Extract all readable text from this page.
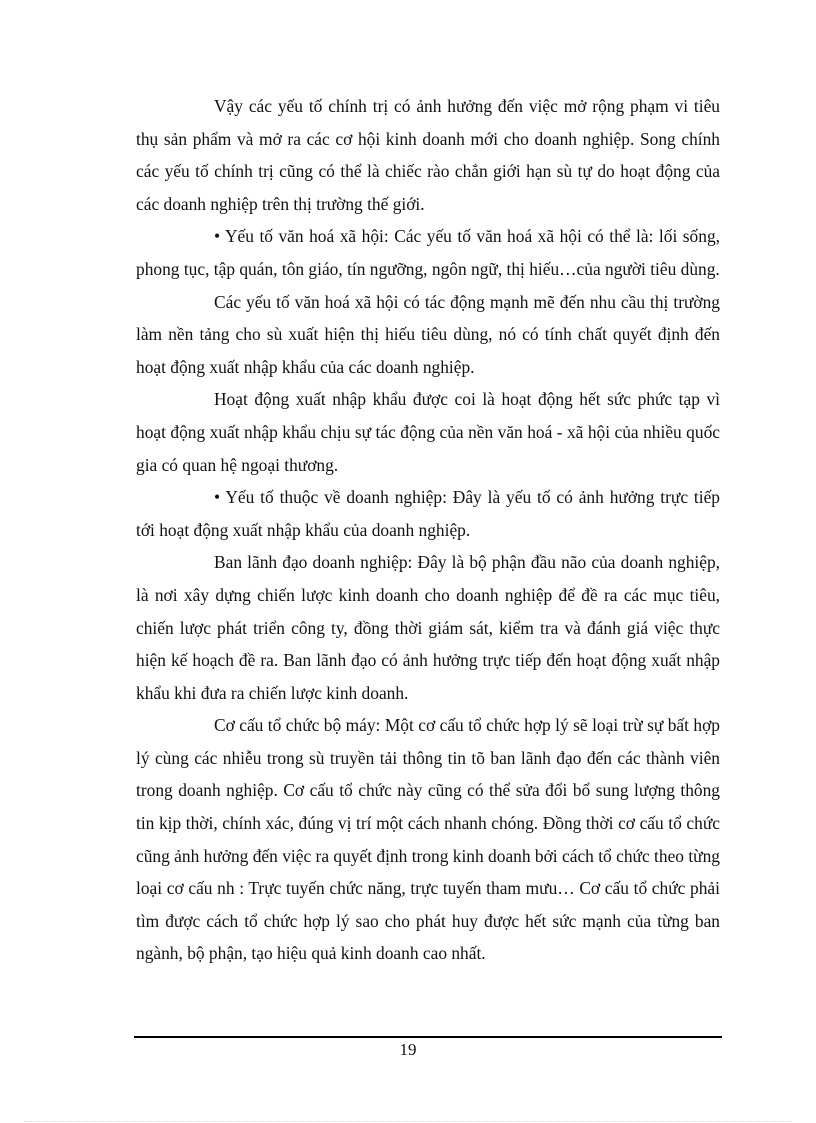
Vậy các yếu tố chính trị có ảnh hưởng đến việc mở rộng phạm vi tiêu thụ sản phẩm và mở ra các cơ hội kinh doanh mới cho doanh nghiệp. Song chính các yếu tố chính trị cũng có thể là chiếc rào chắn giới hạn sù tự do hoạt động của các doanh nghiệp trên thị trường thế giới.

• Yếu tố văn hoá xã hội: Các yếu tố văn hoá xã hội có thể là: lối sống, phong tục, tập quán, tôn giáo, tín ngưỡng, ngôn ngữ, thị hiếu…của người tiêu dùng.

Các yếu tố văn hoá xã hội có tác động mạnh mẽ đến nhu cầu thị trường làm nền tảng cho sù xuất hiện thị hiếu tiêu dùng, nó có tính chất quyết định đến hoạt động xuất nhập khẩu của các doanh nghiệp.

Hoạt động xuất nhập khẩu được coi là hoạt động hết sức phức tạp vì hoạt động xuất nhập khẩu chịu sự tác động của nền văn hoá - xã hội của nhiều quốc gia có quan hệ ngoại thương.

• Yếu tố thuộc về doanh nghiệp: Đây là yếu tố có ảnh hưởng trực tiếp tới hoạt động xuất nhập khẩu của doanh nghiệp.

Ban lãnh đạo doanh nghiệp: Đây là bộ phận đầu não của doanh nghiệp, là nơi xây dựng chiến lược kinh doanh cho doanh nghiệp để đề ra các mục tiêu, chiến lược phát triển công ty, đồng thời giám sát, kiểm tra và đánh giá việc thực hiện kế hoạch đề ra. Ban lãnh đạo có ảnh hưởng trực tiếp đến hoạt động xuất nhập khẩu khi đưa ra chiến lược kinh doanh.

Cơ cấu tổ chức bộ máy: Một cơ cấu tổ chức hợp lý sẽ loại trừ sự bất hợp lý cùng các nhiễu trong sù truyền tải thông tin tõ ban lãnh đạo đến các thành viên trong doanh nghiệp. Cơ cấu tổ chức này cũng có thể sửa đổi bổ sung lượng thông tin kịp thời, chính xác, đúng vị trí một cách nhanh chóng. Đồng thời cơ cấu tổ chức cũng ảnh hưởng đến việc ra quyết định trong kinh doanh bởi cách tổ chức theo từng loại cơ cấu nh : Trực tuyến chức năng, trực tuyến tham mưu… Cơ cấu tổ chức phải tìm được cách tổ chức hợp lý sao cho phát huy được hết sức mạnh của từng ban ngành, bộ phận, tạo hiệu quả kinh doanh cao nhất.

19
